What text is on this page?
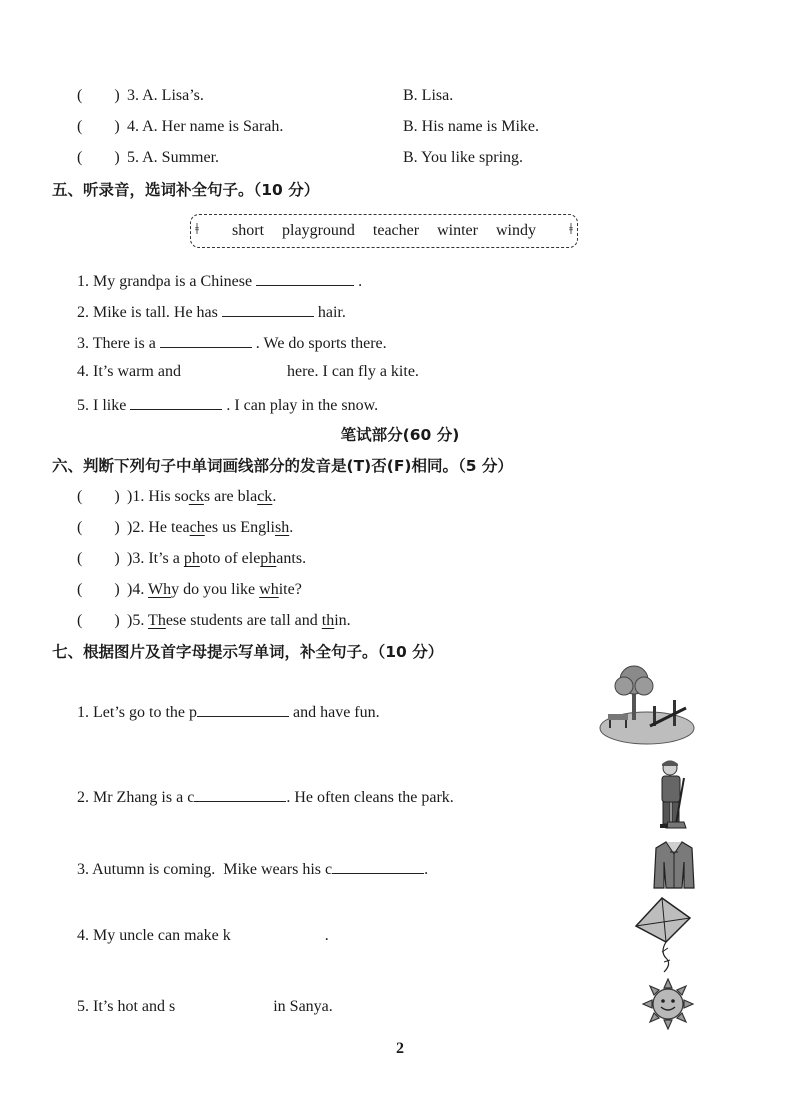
(  ) 3. A. Lisa’s.	B. Lisa.
(  ) 4. A. Her name is Sarah.	B. His name is Mike.
(  ) 5. A. Summer.	B. You like spring.
五、听录音，选词补全句子。（10 分）
ǂ short playground teacher winter windy ǂ
1. My grandpa is a Chinese	.
2. Mike is tall. He has	hair.
3. There is a	. We do sports there.
4. It’s warm and	here. I can fly a kite.
5. I like	. I can play in the snow.
笔试部分(60 分)
六、判断下列句子中单词画线部分的发音是(T)否(F)相同。（5 分）
(  ) )1. His socks are black.
(  ) )2. He teaches us English.
(  ) )3. It’s a photo of elephants.
(  ) )4. Why do you like white?
(  ) )5. These students are tall and thin.
七、根据图片及首字母提示写单词，补全句子。（10 分）
1. Let’s go to the p	and have fun.
2. Mr Zhang is a c	. He often cleans the park.
3. Autumn is coming. Mike wears his c	.
4. My uncle can make k	.
5. It’s hot and s	in Sanya.
2
